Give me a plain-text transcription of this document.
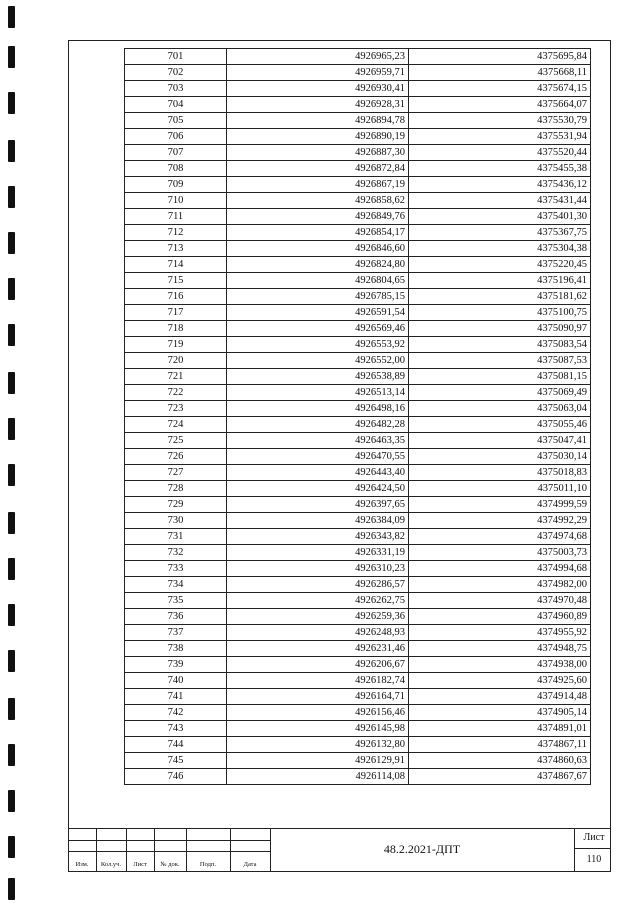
701	4926965,23	4375695,84
702	4926959,71	4375668,11
703	4926930,41	4375674,15
704	4926928,31	4375664,07
705	4926894,78	4375530,79
706	4926890,19	4375531,94
707	4926887,30	4375520,44
708	4926872,84	4375455,38
709	4926867,19	4375436,12
710	4926858,62	4375431,44
711	4926849,76	4375401,30
712	4926854,17	4375367,75
713	4926846,60	4375304,38
714	4926824,80	4375220,45
715	4926804,65	4375196,41
716	4926785,15	4375181,62
717	4926591,54	4375100,75
718	4926569,46	4375090,97
719	4926553,92	4375083,54
720	4926552,00	4375087,53
721	4926538,89	4375081,15
722	4926513,14	4375069,49
723	4926498,16	4375063,04
724	4926482,28	4375055,46
725	4926463,35	4375047,41
726	4926470,55	4375030,14
727	4926443,40	4375018,83
728	4926424,50	4375011,10
729	4926397,65	4374999,59
730	4926384,09	4374992,29
731	4926343,82	4374974,68
732	4926331,19	4375003,73
733	4926310,23	4374994,68
734	4926286,57	4374982,00
735	4926262,75	4374970,48
736	4926259,36	4374960,89
737	4926248,93	4374955,92
738	4926231,46	4374948,75
739	4926206,67	4374938,00
740	4926182,74	4374925,60
741	4926164,71	4374914,48
742	4926156,46	4374905,14
743	4926145,98	4374891,01
744	4926132,80	4374867,11
745	4926129,91	4374860,63
746	4926114,08	4374867,67
Изм.	Кол.уч.	Лист	№ док.	Подп.	Дата
48.2.2021-ДПТ
Лист
110
